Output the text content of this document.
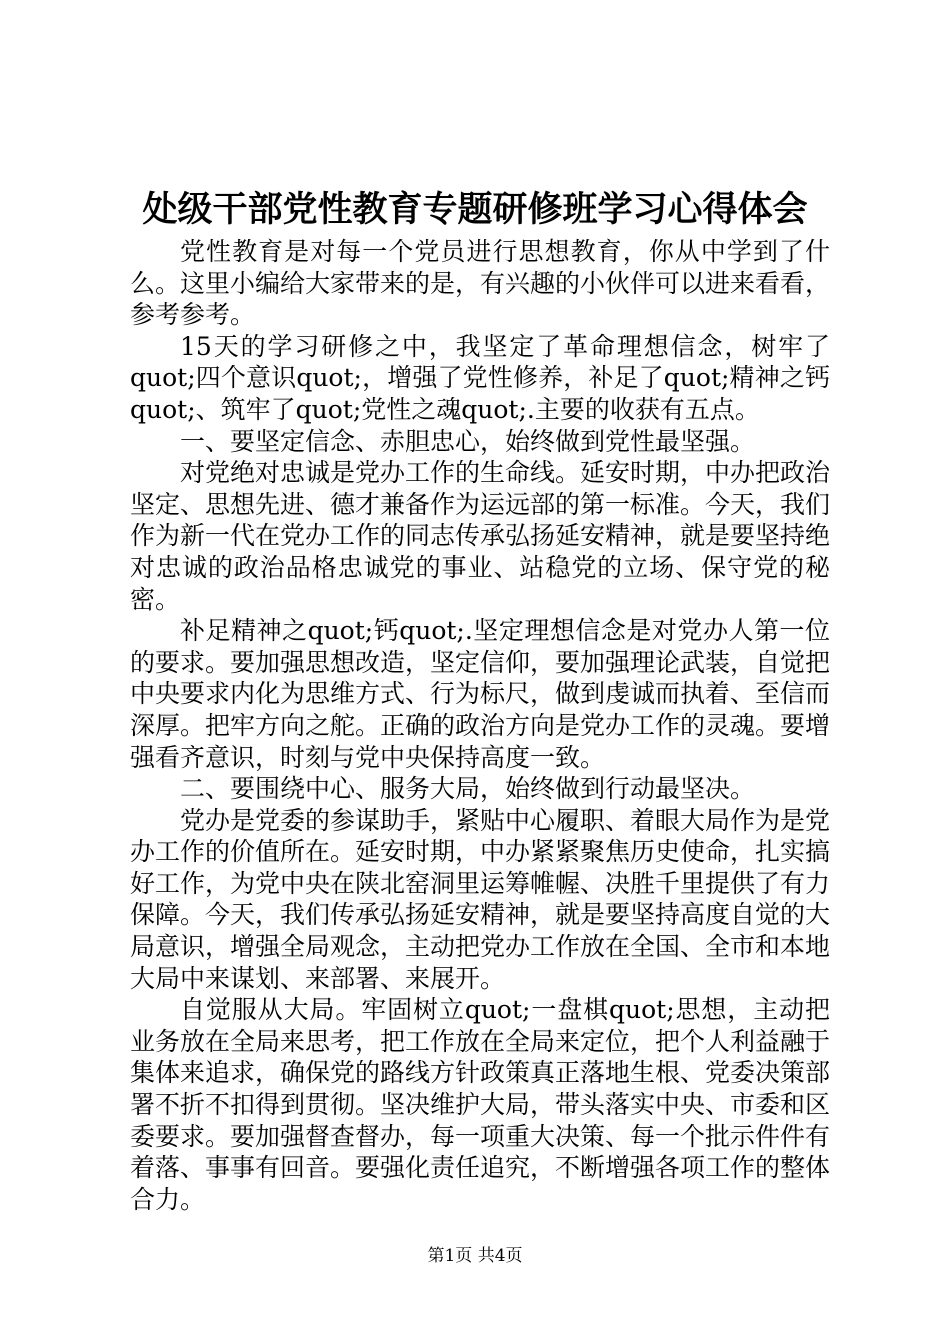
处级干部党性教育专题研修班学习心得体会

党性教育是对每一个党员进行思想教育，你从中学到了什么。这里小编给大家带来的是，有兴趣的小伙伴可以进来看看，参考参考。

15天的学习研修之中，我坚定了革命理想信念，树牢了quot;四个意识quot;，增强了党性修养，补足了quot;精神之钙quot;、筑牢了quot;党性之魂quot;.主要的收获有五点。

一、要坚定信念、赤胆忠心，始终做到党性最坚强。

对党绝对忠诚是党办工作的生命线。延安时期，中办把政治坚定、思想先进、德才兼备作为运远部的第一标准。今天，我们作为新一代在党办工作的同志传承弘扬延安精神，就是要坚持绝对忠诚的政治品格忠诚党的事业、站稳党的立场、保守党的秘密。

补足精神之quot;钙quot;.坚定理想信念是对党办人第一位的要求。要加强思想改造，坚定信仰，要加强理论武装，自觉把中央要求内化为思维方式、行为标尺，做到虔诚而执着、至信而深厚。把牢方向之舵。正确的政治方向是党办工作的灵魂。要增强看齐意识，时刻与党中央保持高度一致。

二、要围绕中心、服务大局，始终做到行动最坚决。

党办是党委的参谋助手，紧贴中心履职、着眼大局作为是党办工作的价值所在。延安时期，中办紧紧聚焦历史使命，扎实搞好工作，为党中央在陕北窑洞里运筹帷幄、决胜千里提供了有力保障。今天，我们传承弘扬延安精神，就是要坚持高度自觉的大局意识，增强全局观念，主动把党办工作放在全国、全市和本地大局中来谋划、来部署、来展开。

自觉服从大局。牢固树立quot;一盘棋quot;思想，主动把业务放在全局来思考，把工作放在全局来定位，把个人利益融于集体来追求，确保党的路线方针政策真正落地生根、党委决策部署不折不扣得到贯彻。坚决维护大局，带头落实中央、市委和区委要求。要加强督查督办，每一项重大决策、每一个批示件件有着落、事事有回音。要强化责任追究，不断增强各项工作的整体合力。

第1页 共4页
